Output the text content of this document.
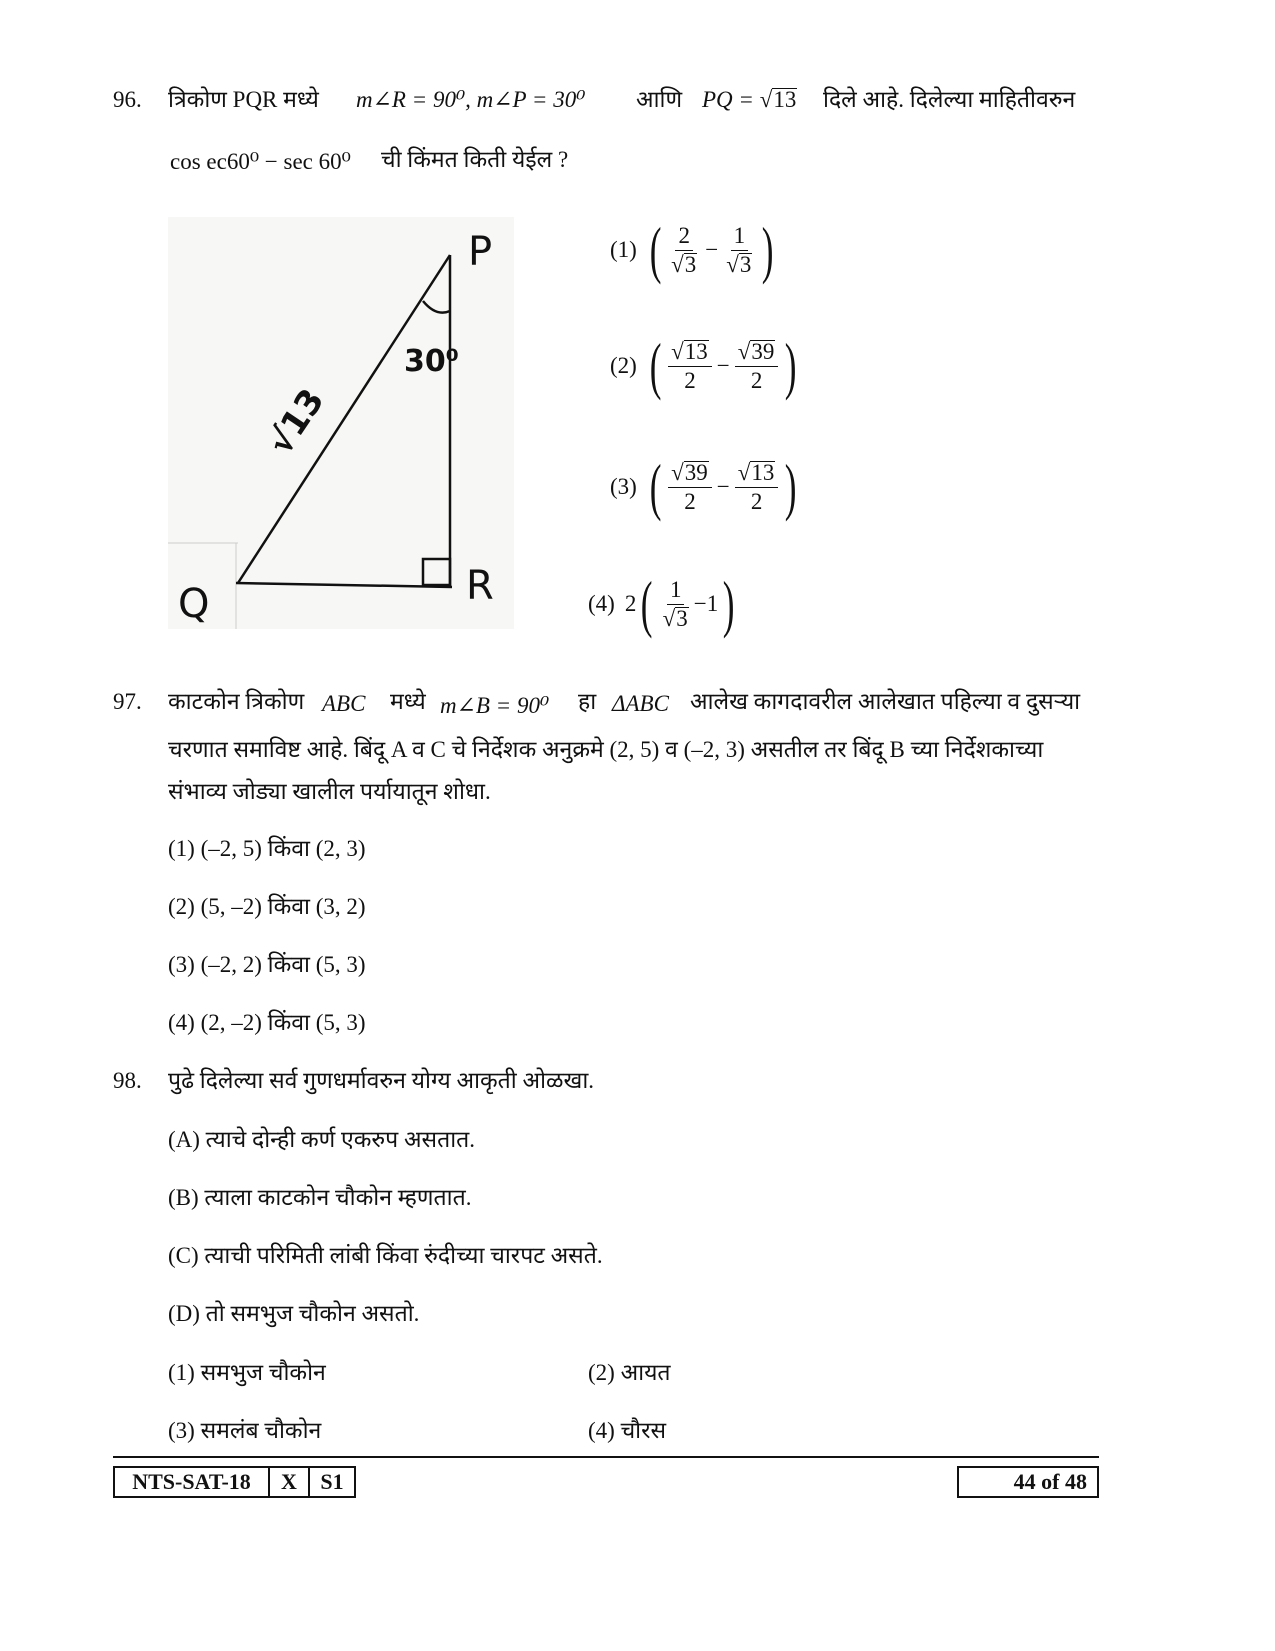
96. त्रिकोण PQR मध्ये m∠R = 90⁰, m∠P = 30⁰ आणि PQ = √13 दिले आहे. दिलेल्या माहितीवरुन
cos ec60⁰ − sec 60⁰ ची किंमत किती येईल ?
P
Q	R
30⁰
√13
(1) ( $\frac{2}{√3} - \frac{1}{√3}$ )
(2) ( $\frac{√13}{2} - \frac{√39}{2}$ )
(3) ( $\frac{√39}{2} - \frac{√13}{2}$ )
(4) 2 ( $\frac{1}{√3} -1$ )
97. काटकोन त्रिकोण ABC मध्ये m∠B = 90⁰ हा ΔABC आलेख कागदावरील आलेखात पहिल्या व दुसऱ्या
चरणात समाविष्ट आहे. बिंदू A व C चे निर्देशक अनुक्रमे (2, 5) व (–2, 3) असतील तर बिंदू B च्या निर्देशकाच्या
संभाव्य जोड्या खालील पर्यायातून शोधा.
(1) (–2, 5) किंवा (2, 3)
(2) (5, –2) किंवा (3, 2)
(3) (–2, 2) किंवा (5, 3)
(4) (2, –2) किंवा (5, 3)
98. पुढे दिलेल्या सर्व गुणधर्मावरुन योग्य आकृती ओळखा.
(A) त्याचे दोन्ही कर्ण एकरुप असतात.
(B) त्याला काटकोन चौकोन म्हणतात.
(C) त्याची परिमिती लांबी किंवा रुंदीच्या चारपट असते.
(D) तो समभुज चौकोन असतो.
(1) समभुज चौकोन	(2) आयत
(3) समलंब चौकोन	(4) चौरस
NTS-SAT-18	X	S1	44 of 48
